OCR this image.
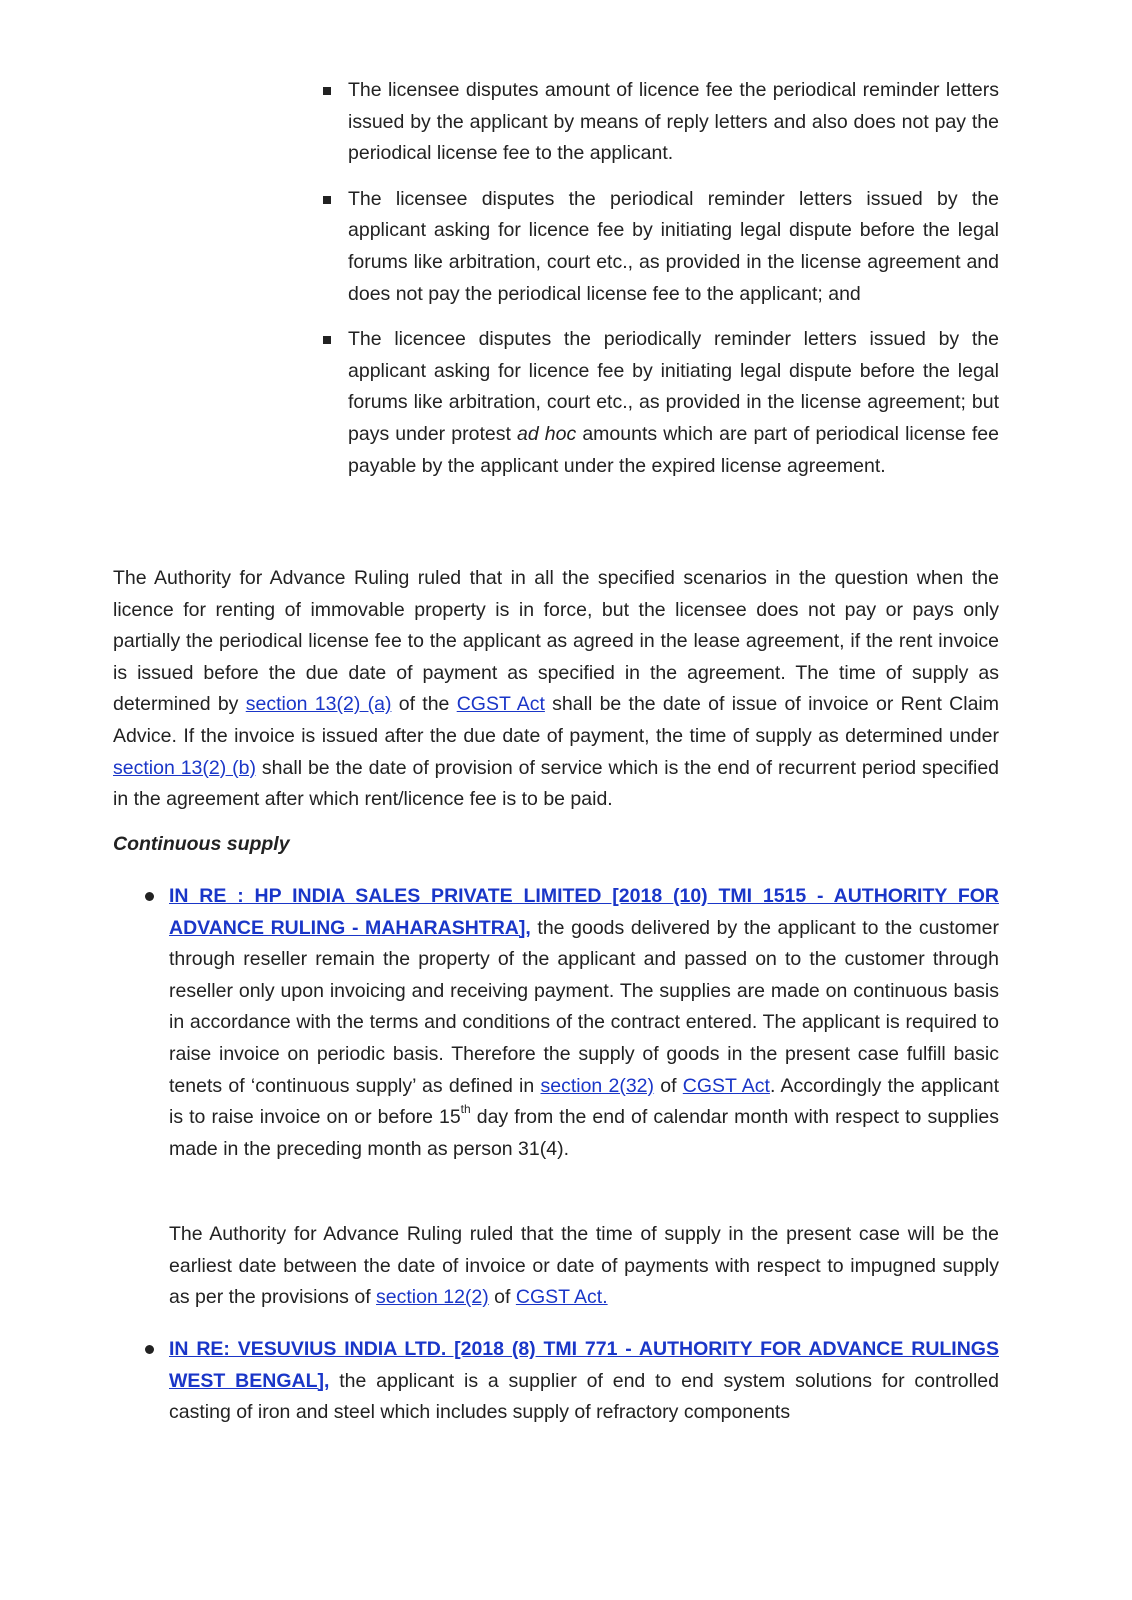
The licensee disputes amount of licence fee the periodical reminder letters issued by the applicant by means of reply letters and also does not pay the periodical license fee to the applicant.

The licensee disputes the periodical reminder letters issued by the applicant asking for licence fee by initiating legal dispute before the legal forums like arbitration, court etc., as provided in the license agreement and does not pay the periodical license fee to the applicant; and

The licencee disputes the periodically reminder letters issued by the applicant asking for licence fee by initiating legal dispute before the legal forums like arbitration, court etc., as provided in the license agreement; but pays under protest ad hoc amounts which are part of periodical license fee payable by the applicant under the expired license agreement.

The Authority for Advance Ruling ruled that in all the specified scenarios in the question when the licence for renting of immovable property is in force, but the licensee does not pay or pays only partially the periodical license fee to the applicant as agreed in the lease agreement, if the rent invoice is issued before the due date of payment as specified in the agreement. The time of supply as determined by section 13(2) (a) of the CGST Act shall be the date of issue of invoice or Rent Claim Advice. If the invoice is issued after the due date of payment, the time of supply as determined under section 13(2) (b) shall be the date of provision of service which is the end of recurrent period specified in the agreement after which rent/licence fee is to be paid.

Continuous supply

IN RE : HP INDIA SALES PRIVATE LIMITED [2018 (10) TMI 1515 - AUTHORITY FOR ADVANCE RULING - MAHARASHTRA], the goods delivered by the applicant to the customer through reseller remain the property of the applicant and passed on to the customer through reseller only upon invoicing and receiving payment. The supplies are made on continuous basis in accordance with the terms and conditions of the contract entered. The applicant is required to raise invoice on periodic basis. Therefore the supply of goods in the present case fulfill basic tenets of ‘continuous supply’ as defined in section 2(32) of CGST Act. Accordingly the applicant is to raise invoice on or before 15th day from the end of calendar month with respect to supplies made in the preceding month as person 31(4).

The Authority for Advance Ruling ruled that the time of supply in the present case will be the earliest date between the date of invoice or date of payments with respect to impugned supply as per the provisions of section 12(2) of CGST Act.

IN RE: VESUVIUS INDIA LTD. [2018 (8) TMI 771 - AUTHORITY FOR ADVANCE RULINGS WEST BENGAL], the applicant is a supplier of end to end system solutions for controlled casting of iron and steel which includes supply of refractory components
